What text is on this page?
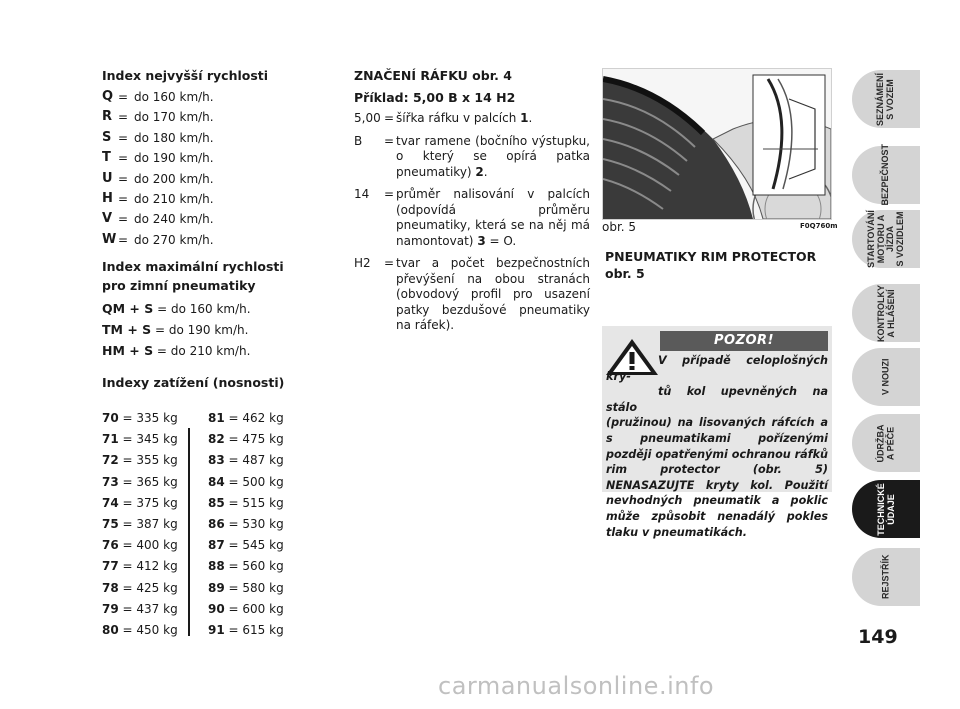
Index nejvyšší rychlosti
Q = do 160 km/h.
R = do 170 km/h.
S = do 180 km/h.
T = do 190 km/h.
U = do 200 km/h.
H = do 210 km/h.
V = do 240 km/h.
W = do 270 km/h.
Index maximální rychlosti
pro zimní pneumatiky
QM + S = do 160 km/h.
TM + S = do 190 km/h.
HM + S = do 210 km/h.
Indexy zatížení (nosnosti)
70 = 335 kg	81 = 462 kg
71 = 345 kg	82 = 475 kg
72 = 355 kg	83 = 487 kg
73 = 365 kg	84 = 500 kg
74 = 375 kg	85 = 515 kg
75 = 387 kg	86 = 530 kg
76 = 400 kg	87 = 545 kg
77 = 412 kg	88 = 560 kg
78 = 425 kg	89 = 580 kg
79 = 437 kg	90 = 600 kg
80 = 450 kg	91 = 615 kg
ZNAČENÍ RÁFKU obr. 4
Příklad: 5,00 B x 14 H2
5,00 = šířka ráfku v palcích 1.
B = tvar ramene (bočního výstupku, o který se opírá patka pneumatiky) 2.
14 = průměr nalisování v palcích (odpovídá průměru pneumatiky, která se na něj má namontovat) 3 = O.
H2 = tvar a počet bezpečnostních převýšení na obou stranách (obvodový profil pro usazení patky bezdušové pneumatiky na ráfek).
obr. 5	F0Q760m
PNEUMATIKY RIM PROTECTOR
obr. 5
POZOR!
V případě celoplošných kry-
tů kol upevněných na stálo
(pružinou) na lisovaných ráfcích a s pneumatikami pořízenými později opatřenými ochranou ráfků rim protector (obr. 5) NENASAZUJTE kryty kol. Použití nevhodných pneumatik a poklic může způsobit nenadálý pokles tlaku v pneumatikách.
SEZNÁMENÍ
S VOZEM
BEZPEČNOST
STARTOVÁNÍ
MOTORU A JÍZDA
S VOZIDLEM
KONTROLKY
A HLÁŠENÍ
V NOUZI
ÚDRŽBA
A PÉČE
TECHNICKÉ
ÚDAJE
REJSTŘÍK
149
carmanualsonline.info
